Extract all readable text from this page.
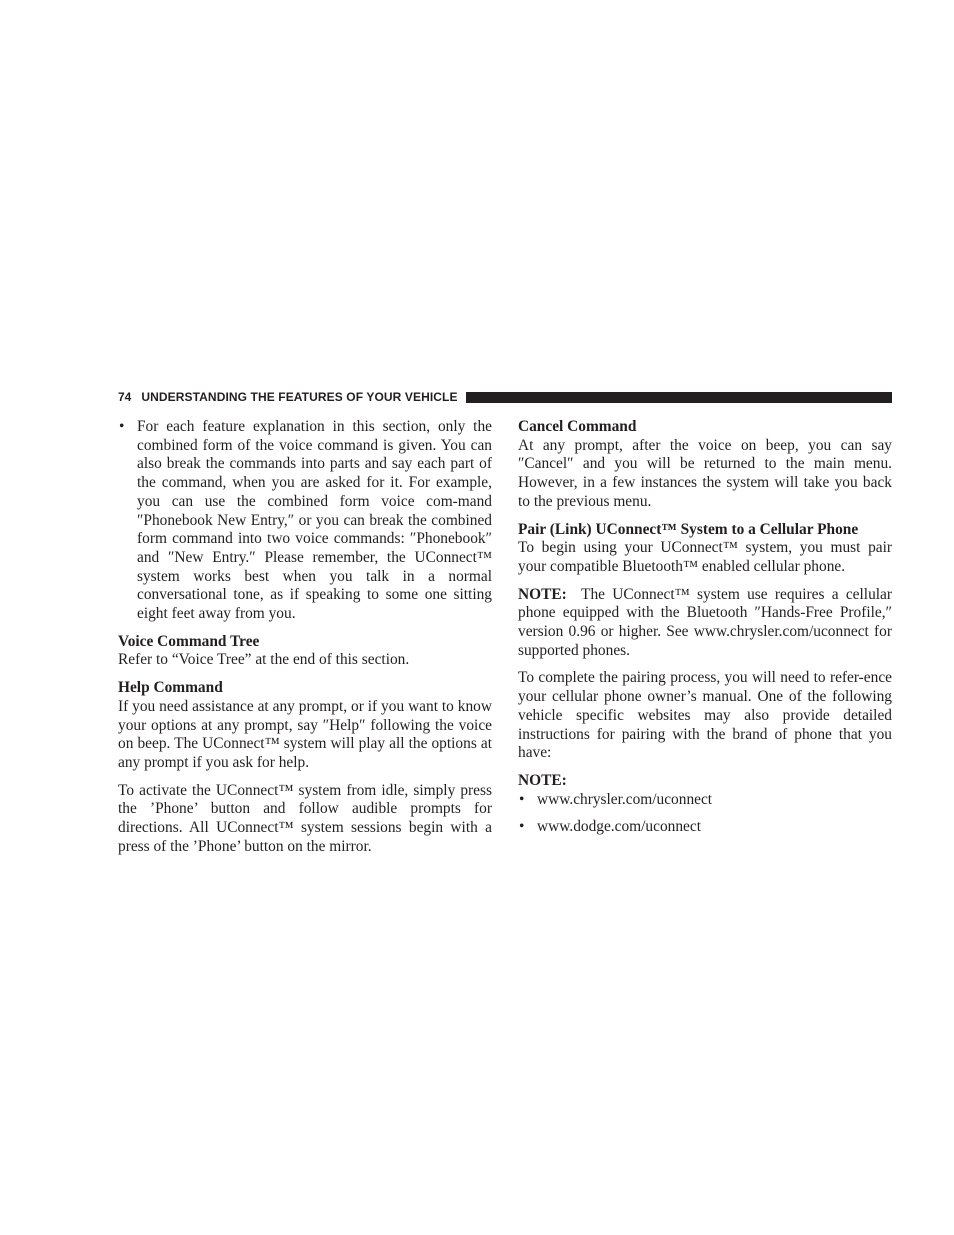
74 UNDERSTANDING THE FEATURES OF YOUR VEHICLE
• For each feature explanation in this section, only the combined form of the voice command is given. You can also break the commands into parts and say each part of the command, when you are asked for it. For example, you can use the combined form voice com-mand ″Phonebook New Entry,″ or you can break the combined form command into two voice commands: ″Phonebook″ and ″New Entry.″ Please remember, the UConnect™ system works best when you talk in a normal conversational tone, as if speaking to some one sitting eight feet away from you.
Voice Command Tree

Refer to “Voice Tree” at the end of this section.

Help Command

If you need assistance at any prompt, or if you want to know your options at any prompt, say ″Help″ following the voice on beep. The UConnect™ system will play all the options at any prompt if you ask for help.

To activate the UConnect™ system from idle, simply press the ’Phone’ button and follow audible prompts for directions. All UConnect™ system sessions begin with a press of the ’Phone’ button on the mirror.

Cancel Command

At any prompt, after the voice on beep, you can say ″Cancel″ and you will be returned to the main menu. However, in a few instances the system will take you back to the previous menu.

Pair (Link) UConnect™ System to a Cellular Phone

To begin using your UConnect™ system, you must pair your compatible Bluetooth™ enabled cellular phone.

NOTE: The UConnect™ system use requires a cellular phone equipped with the Bluetooth ″Hands-Free Profile,″ version 0.96 or higher. See www.chrysler.com/uconnect for supported phones.

To complete the pairing process, you will need to refer-ence your cellular phone owner’s manual. One of the following vehicle specific websites may also provide detailed instructions for pairing with the brand of phone that you have:

NOTE:
• www.chrysler.com/uconnect
• www.dodge.com/uconnect
